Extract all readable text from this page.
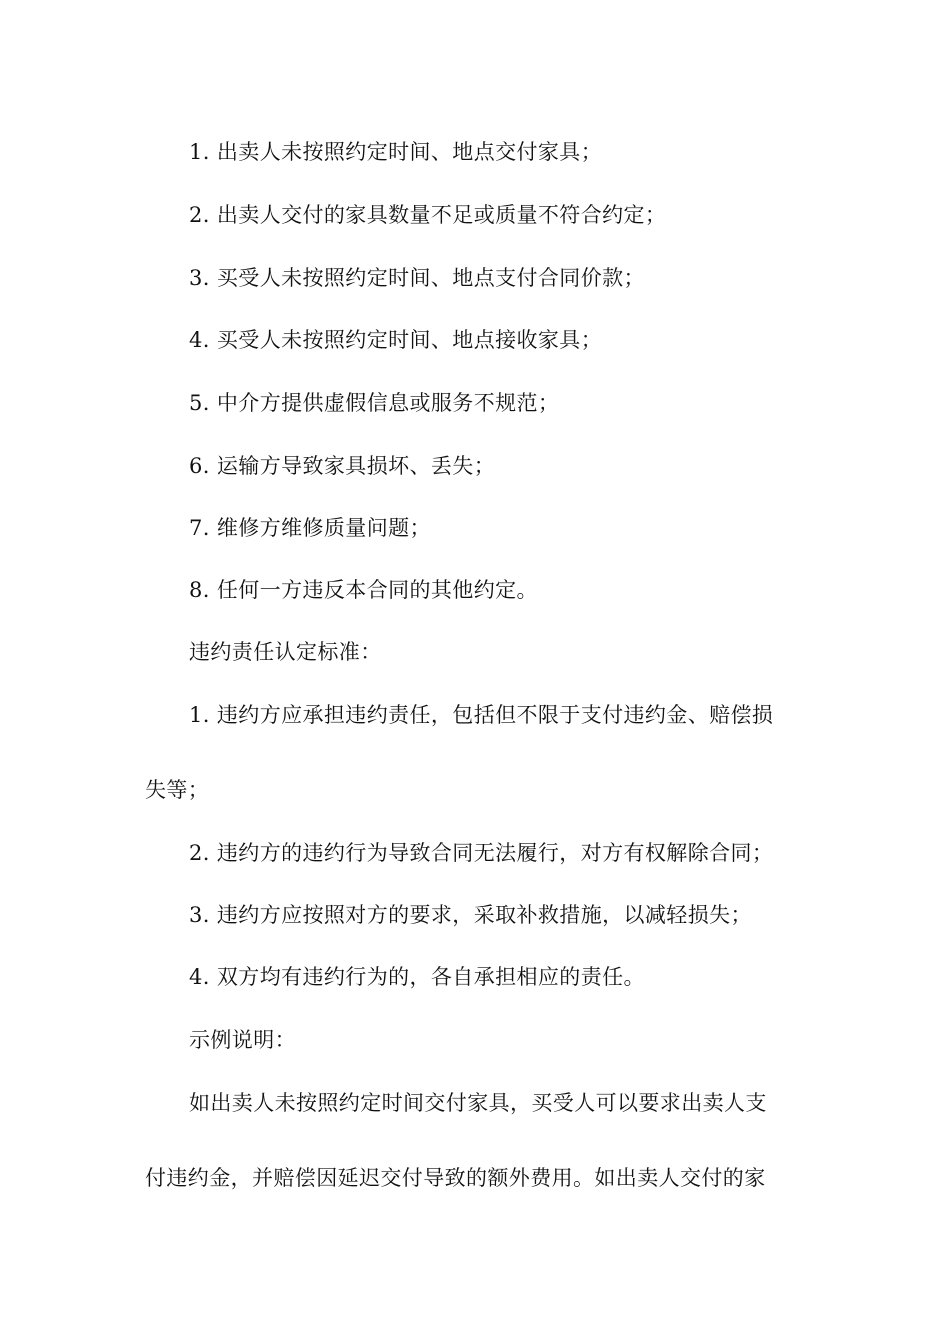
1. 出卖人未按照约定时间、地点交付家具；
2. 出卖人交付的家具数量不足或质量不符合约定；
3. 买受人未按照约定时间、地点支付合同价款；
4. 买受人未按照约定时间、地点接收家具；
5. 中介方提供虚假信息或服务不规范；
6. 运输方导致家具损坏、丢失；
7. 维修方维修质量问题；
8. 任何一方违反本合同的其他约定。
违约责任认定标准：
1. 违约方应承担违约责任，包括但不限于支付违约金、赔偿损
失等；
2. 违约方的违约行为导致合同无法履行，对方有权解除合同；
3. 违约方应按照对方的要求，采取补救措施，以减轻损失；
4. 双方均有违约行为的，各自承担相应的责任。
示例说明：
如出卖人未按照约定时间交付家具，买受人可以要求出卖人支
付违约金，并赔偿因延迟交付导致的额外费用。如出卖人交付的家
